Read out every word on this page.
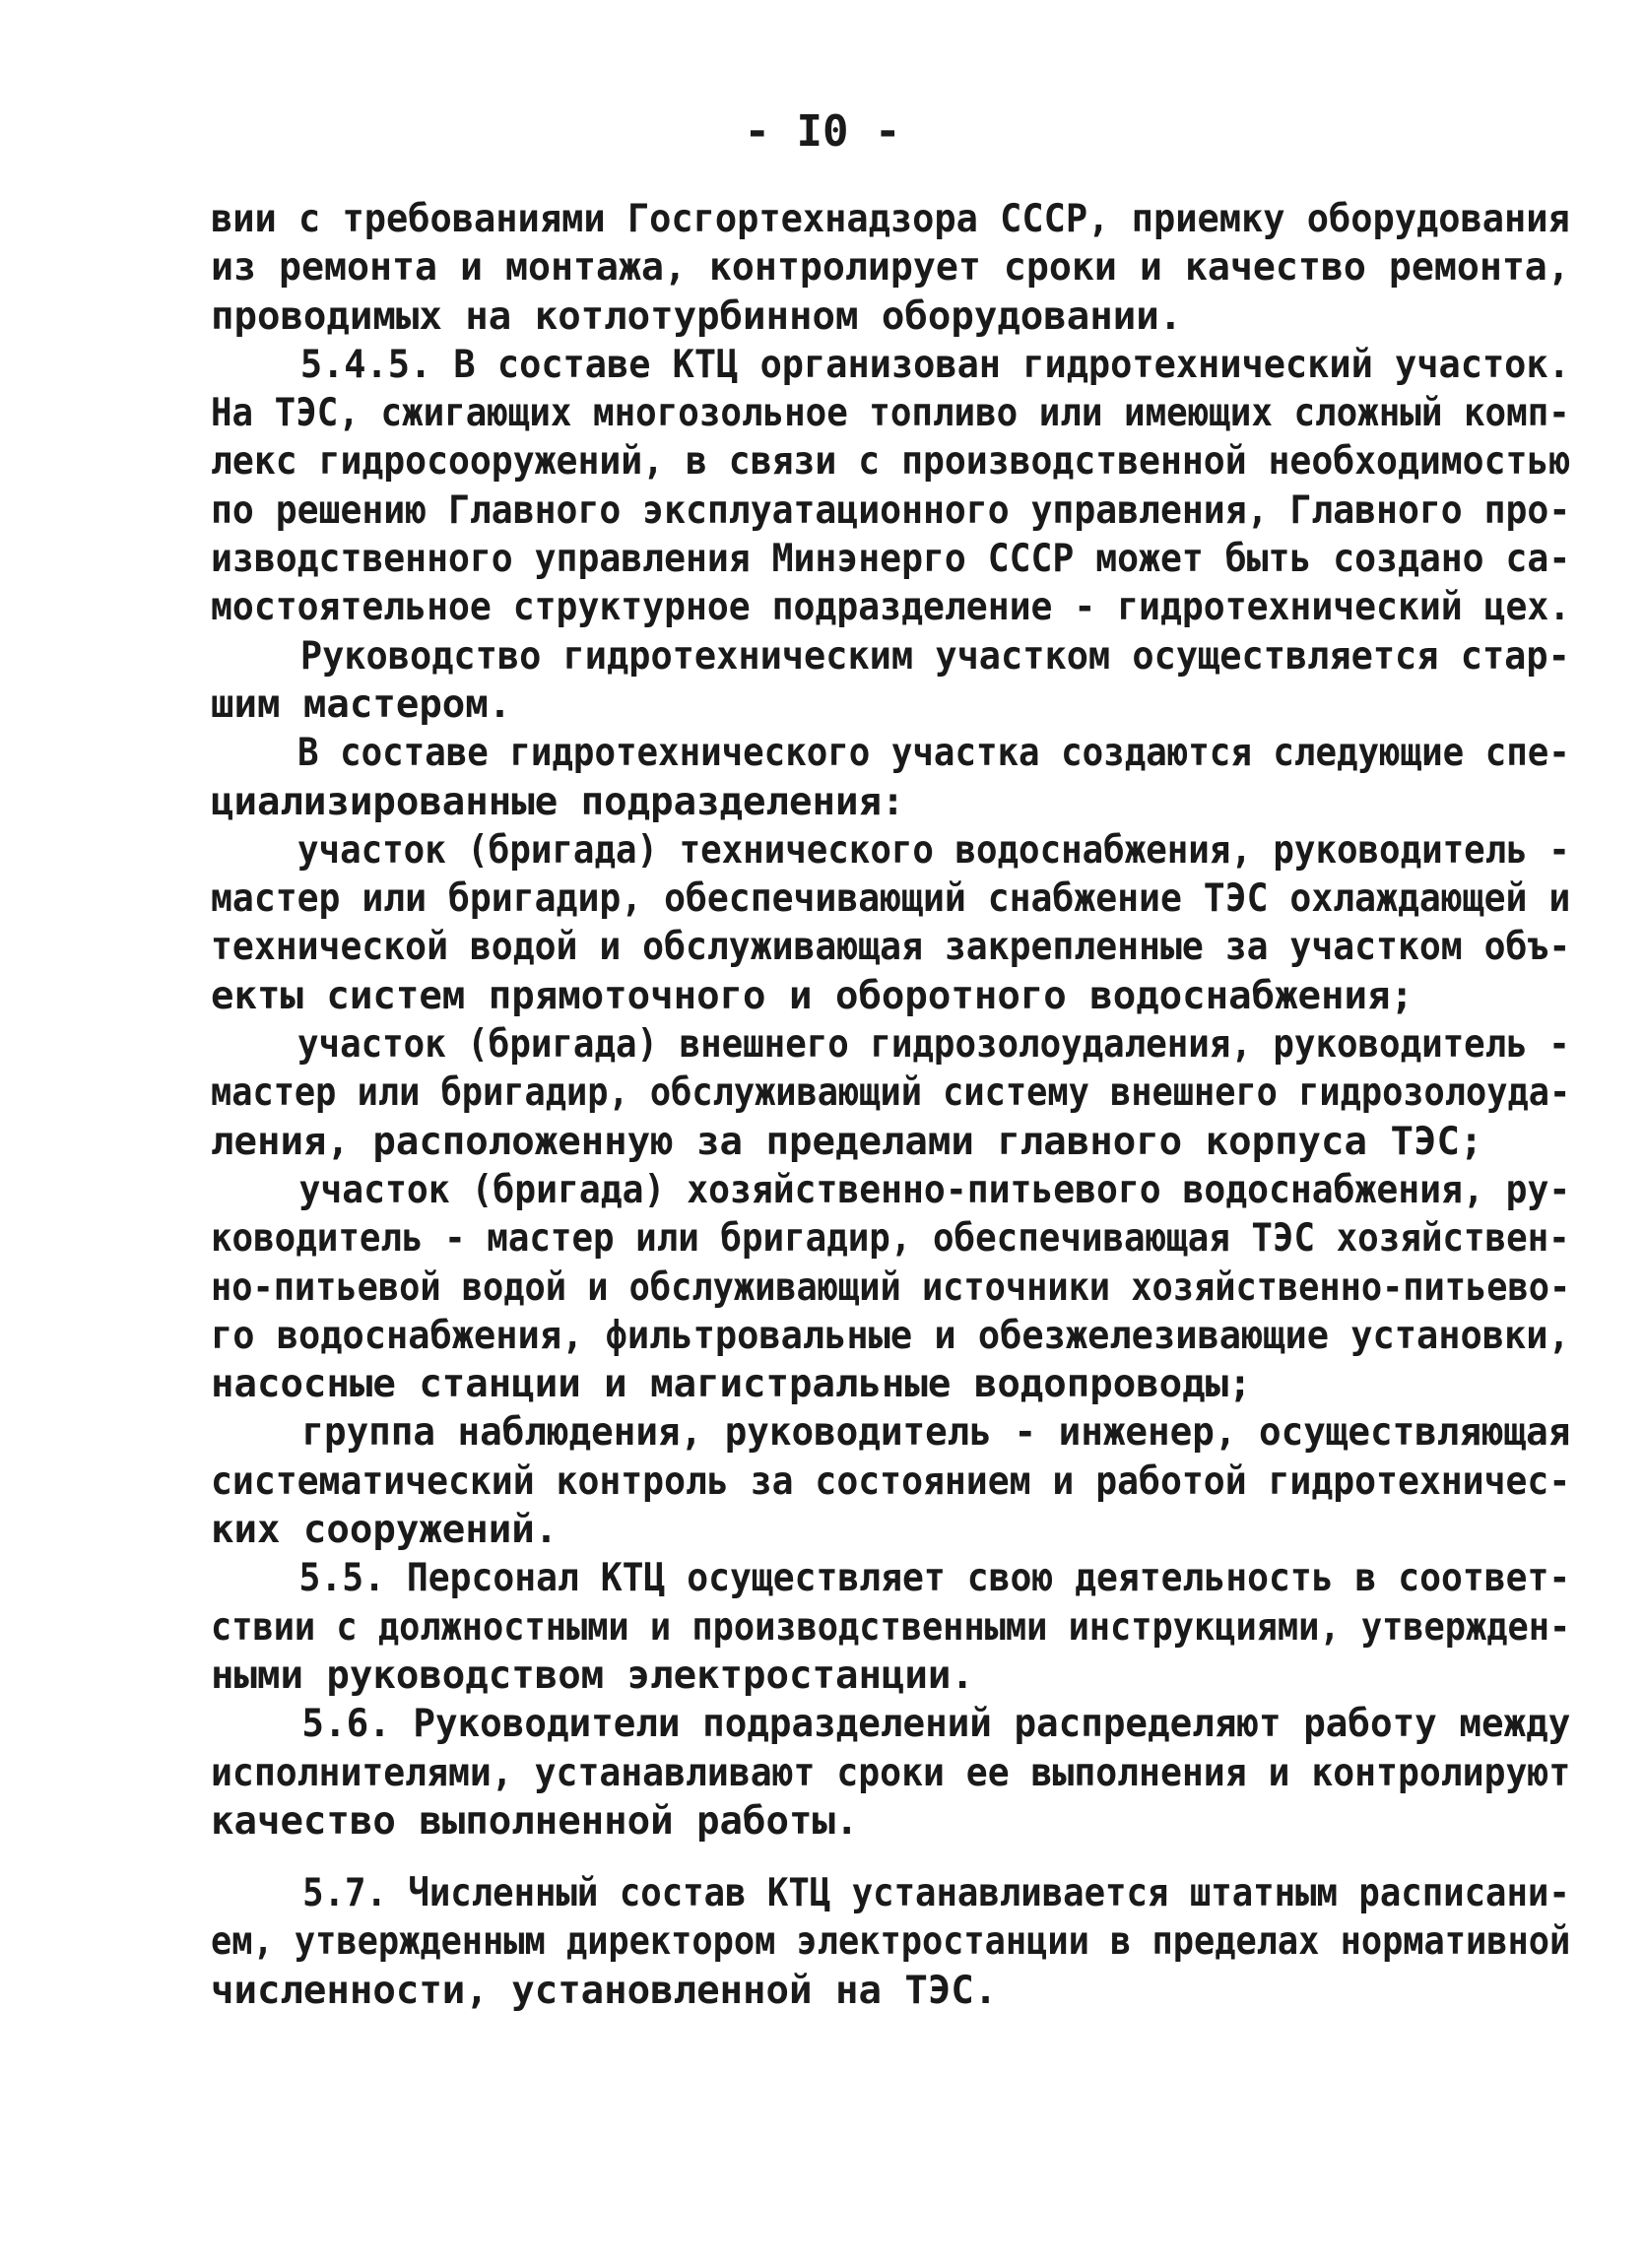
- I0 -
вии с требованиями Госгортехнадзора СССР, приемку оборудования
из ремонта и монтажа, контролирует сроки и качество ремонта,
проводимых на котлотурбинном оборудовании.
5.4.5. В составе КТЦ организован гидротехнический участок.
На ТЭС, сжигающих многозольное топливо или имеющих сложный комп-
лекс гидросооружений, в связи с производственной необходимостью
по решению Главного эксплуатационного управления, Главного про-
изводственного управления Минэнерго СССР может быть создано са-
мостоятельное структурное подразделение - гидротехнический цех.
Руководство гидротехническим участком осуществляется стар-
шим мастером.
В составе гидротехнического участка создаются следующие спе-
циализированные подразделения:
участок (бригада) технического водоснабжения, руководитель -
мастер или бригадир, обеспечивающий снабжение ТЭС охлаждающей и
технической водой и обслуживающая закрепленные за участком объ-
екты систем прямоточного и оборотного водоснабжения;
участок (бригада) внешнего гидрозолоудаления, руководитель -
мастер или бригадир, обслуживающий систему внешнего гидрозолоуда-
ления, расположенную за пределами главного корпуса ТЭС;
участок (бригада) хозяйственно-питьевого водоснабжения, ру-
ководитель - мастер или бригадир, обеспечивающая ТЭС хозяйствен-
но-питьевой водой и обслуживающий источники хозяйственно-питьево-
го водоснабжения, фильтровальные и обезжелезивающие установки,
насосные станции и магистральные водопроводы;
группа наблюдения, руководитель - инженер, осуществляющая
систематический контроль за состоянием и работой гидротехничес-
ких сооружений.
5.5. Персонал КТЦ осуществляет свою деятельность в соответ-
ствии с должностными и производственными инструкциями, утвержден-
ными руководством электростанции.
5.6. Руководители подразделений распределяют работу между
исполнителями, устанавливают сроки ее выполнения и контролируют
качество выполненной работы.
5.7. Численный состав КТЦ устанавливается штатным расписани-
ем, утвержденным директором электростанции в пределах нормативной
численности, установленной на ТЭС.
